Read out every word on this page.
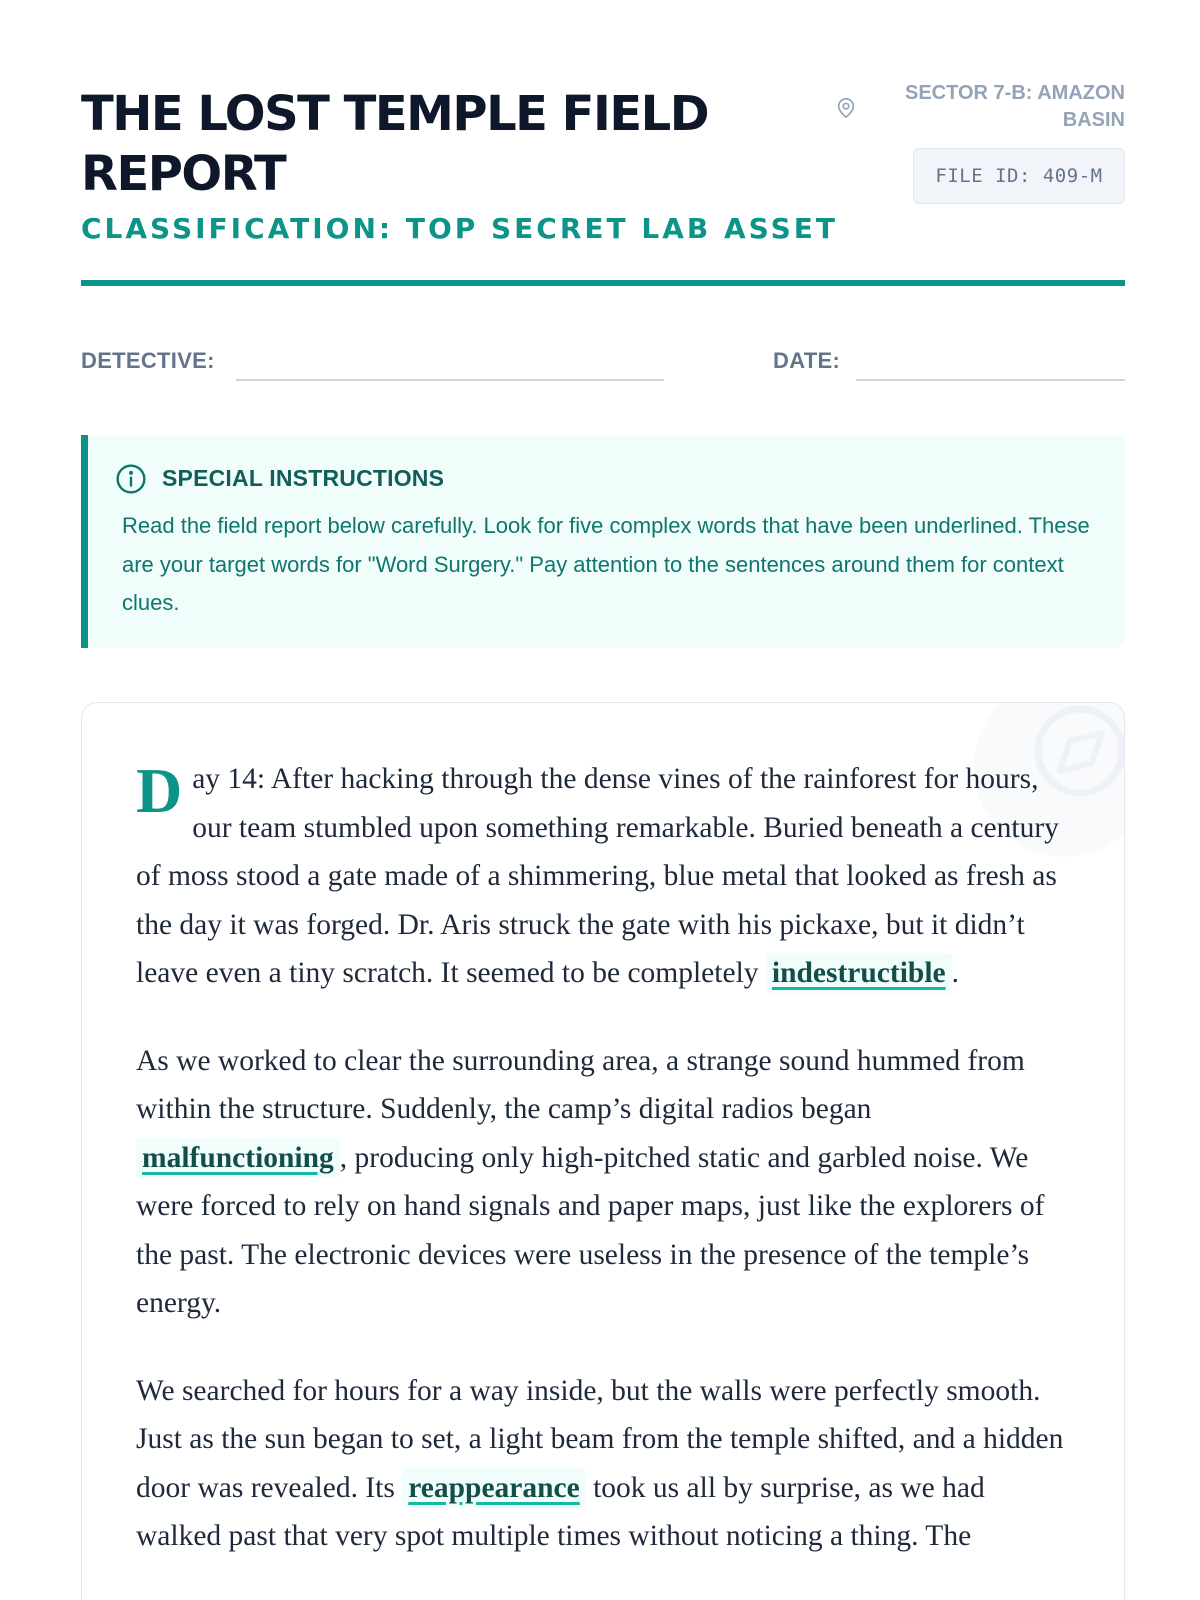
THE LOST TEMPLE FIELD REPORT
CLASSIFICATION: TOP SECRET LAB ASSET
SECTOR 7-B: AMAZON BASIN
FILE ID: 409-M
DETECTIVE:	DATE:
SPECIAL INSTRUCTIONS
Read the field report below carefully. Look for five complex words that have been underlined. These are your target words for "Word Surgery." Pay attention to the sentences around them for context clues.

Day 14: After hacking through the dense vines of the rainforest for hours, our team stumbled upon something remarkable. Buried beneath a century of moss stood a gate made of a shimmering, blue metal that looked as fresh as the day it was forged. Dr. Aris struck the gate with his pickaxe, but it didn’t leave even a tiny scratch. It seemed to be completely indestructible .

As we worked to clear the surrounding area, a strange sound hummed from within the structure. Suddenly, the camp’s digital radios began malfunctioning , producing only high-pitched static and garbled noise. We were forced to rely on hand signals and paper maps, just like the explorers of the past. The electronic devices were useless in the presence of the temple’s energy.

We searched for hours for a way inside, but the walls were perfectly smooth. Just as the sun began to set, a light beam from the temple shifted, and a hidden door was revealed. Its reappearance took us all by surprise, as we had walked past that very spot multiple times without noticing a thing. The
